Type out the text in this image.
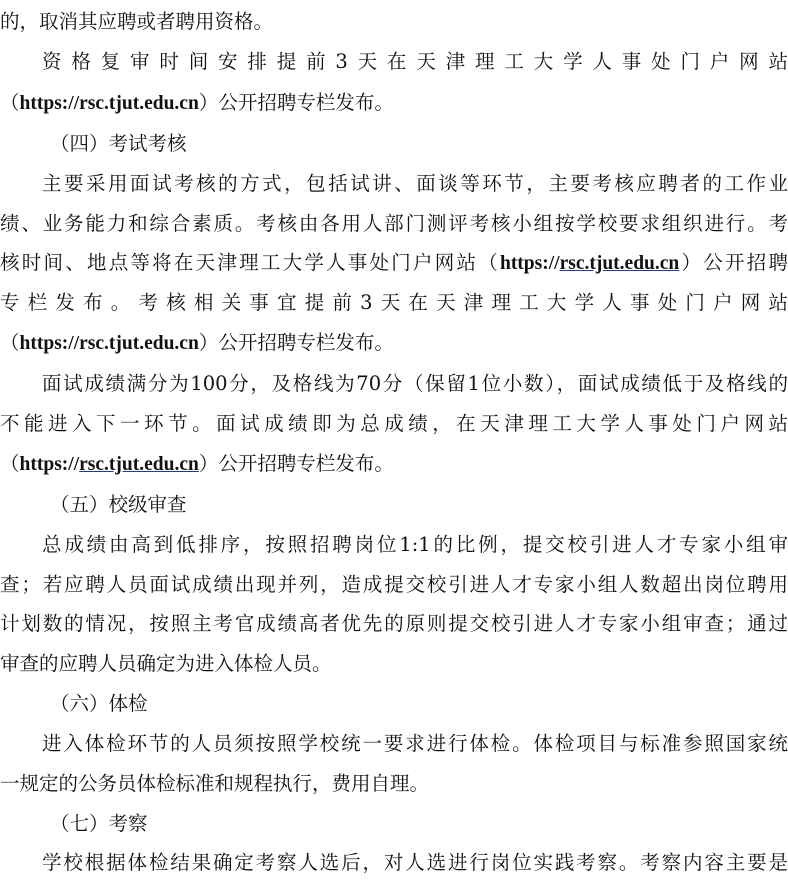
的，取消其应聘或者聘用资格。
资格复审时间安排提前3天在天津理工大学人事处门户网站
（https://rsc.tjut.edu.cn）公开招聘专栏发布。
（四）考试考核
主要采用面试考核的方式，包括试讲、面谈等环节，主要考核应聘者的工作业
绩、业务能力和综合素质。考核由各用人部门测评考核小组按学校要求组织进行。考
核时间、地点等将在天津理工大学人事处门户网站（https://rsc.tjut.edu.cn）公开招聘
专栏发布。考核相关事宜提前3天在天津理工大学人事处门户网站
（https://rsc.tjut.edu.cn）公开招聘专栏发布。
面试成绩满分为100分，及格线为70分（保留1位小数），面试成绩低于及格线的
不能进入下一环节。面试成绩即为总成绩，在天津理工大学人事处门户网站
（https://rsc.tjut.edu.cn）公开招聘专栏发布。
（五）校级审查
总成绩由高到低排序，按照招聘岗位1:1的比例，提交校引进人才专家小组审
查；若应聘人员面试成绩出现并列，造成提交校引进人才专家小组人数超出岗位聘用
计划数的情况，按照主考官成绩高者优先的原则提交校引进人才专家小组审查；通过
审查的应聘人员确定为进入体检人员。
（六）体检
进入体检环节的人员须按照学校统一要求进行体检。体检项目与标准参照国家统
一规定的公务员体检标准和规程执行，费用自理。
（七）考察
学校根据体检结果确定考察人选后，对人选进行岗位实践考察。考察内容主要是
